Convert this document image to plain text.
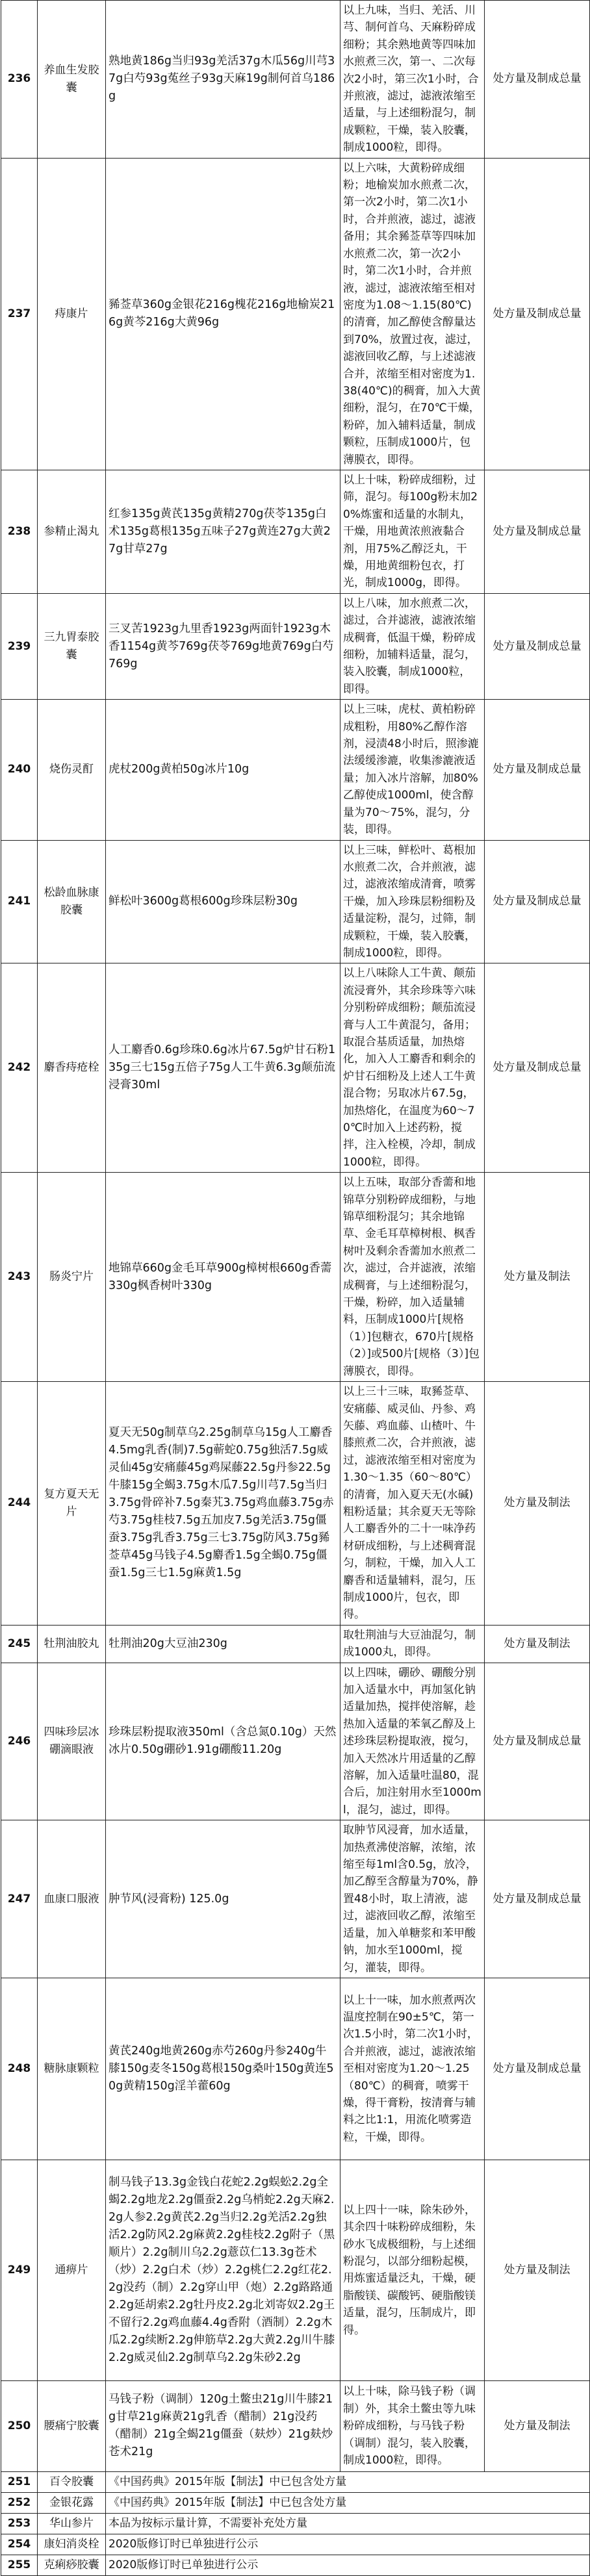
236	养血生发胶囊	熟地黄186g当归93g羌活37g木瓜56g川芎37g白芍93g菟丝子93g天麻19g制何首乌186g	以上九味，当归、羌活、川芎、制何首乌、天麻粉碎成细粉；其余熟地黄等四味加水煎煮三次，第一、二次每次2小时，第三次1小时，合并煎液，滤过，滤液浓缩至适量，与上述细粉混匀，制成颗粒，干燥，装入胶囊，制成1000粒，即得。	处方量及制成总量
237	痔康片	豨莶草360g金银花216g槐花216g地榆炭216g黄芩216g大黄96g	以上六味，大黄粉碎成细粉；地榆炭加水煎煮二次，第一次2小时，第二次1小时，合并煎液，滤过，滤液备用；其余豨莶草等四味加水煎煮二次，第一次2小时，第二次1小时，合并煎液，滤过，滤液浓缩至相对密度为1.08～1.15(80℃)的清膏，加乙醇使含醇量达到70%，放置过夜，滤过，滤液回收乙醇，与上述滤液合并，浓缩至相对密度为1.38(40℃)的稠膏，加入大黄细粉，混匀，在70℃干燥，粉碎，加入辅料适量，制成颗粒，压制成1000片，包薄膜衣，即得。	处方量及制成总量
238	参精止渴丸	红参135g黄芪135g黄精270g茯苓135g白术135g葛根135g五味子27g黄连27g大黄27g甘草27g	以上十味，粉碎成细粉，过筛，混匀。每100g粉末加20%炼蜜和适量的水制丸，干燥，用地黄浓煎液黏合剂，用75%乙醇泛丸，干燥，用地黄细粉包衣，打光，制成1000g，即得。	处方量及制成总量
239	三九胃泰胶囊	三叉苦1923g九里香1923g两面针1923g木香1154g黄芩769g茯苓769g地黄769g白芍769g	以上八味，加水煎煮二次，滤过，合并滤液，滤液浓缩成稠膏，低温干燥，粉碎成细粉，加辅料适量，混匀，装入胶囊，制成1000粒，即得。	处方量及制成总量
240	烧伤灵酊	虎杖200g黄柏50g冰片10g	以上三味，虎杖、黄柏粉碎成粗粉，用80%乙醇作溶剂，浸渍48小时后，照渗漉法缓缓渗漉，收集渗漉液适量；加入冰片溶解，加80%乙醇使成1000ml，使含醇量为70～75%，混匀，分装，即得。	处方量及制成总量
241	松龄血脉康胶囊	鲜松叶3600g葛根600g珍珠层粉30g	以上三味，鲜松叶、葛根加水煎煮二次，合并煎液，滤过，滤液浓缩成清膏，喷雾干燥，加入珍珠层粉细粉及适量淀粉，混匀，过筛，制成颗粒，干燥，装入胶囊，制成1000粒，即得。	处方量及制成总量
242	麝香痔疮栓	人工麝香0.6g珍珠0.6g冰片67.5g炉甘石粉135g三七15g五倍子75g人工牛黄6.3g颠茄流浸膏30ml	以上八味除人工牛黄、颠茄流浸膏外，其余珍珠等六味分别粉碎成细粉；颠茄流浸膏与人工牛黄混匀，备用；取混合基质适量，加热熔化，加入人工麝香和剩余的炉甘石细粉及上述人工牛黄混合物；另取冰片67.5g，加热熔化，在温度为60～70℃时加入上述药粉，搅拌，注入栓模，冷却，制成1000粒，即得。	处方量及制成总量
243	肠炎宁片	地锦草660g金毛耳草900g樟树根660g香薷330g枫香树叶330g	以上五味，取部分香薷和地锦草分别粉碎成细粉，与地锦草细粉混匀；其余地锦草、金毛耳草樟树根、枫香树叶及剩余香薷加水煎煮二次，滤过，合并滤液，浓缩成稠膏，与上述细粉混匀，干燥，粉碎，加入适量辅料，压制成1000片[规格（1）]包糖衣，670片[规格（2）]或500片[规格（3）]包薄膜衣，即得。	处方量及制法
244	复方夏天无片	夏天无50g制草乌2.25g制草乌15g人工麝香4.5mg乳香(制)7.5g蕲蛇0.75g独活7.5g威灵仙45g安痛藤45g鸡屎藤22.5g丹参22.5g牛膝15g全蝎3.75g木瓜7.5g川芎7.5g当归3.75g骨碎补7.5g秦艽3.75g鸡血藤3.75g赤芍3.75g桂枝7.5g五加皮7.5g羌活3.75g僵蚕3.75g乳香3.75g三七3.75g防风3.75g豨莶草45g马钱子4.5g麝香1.5g全蝎0.75g僵蚕1.5g三七1.5g麻黄1.5g	以上三十三味，取豨莶草、安痛藤、威灵仙、丹参、鸡矢藤、鸡血藤、山楂叶、牛膝煎煮二次，合并煎液，滤过，滤液浓缩至相对密度为1.30～1.35（60～80℃）的清膏，加入夏天无(水碱)粗粉适量；其余夏天无等除人工麝香外的二十一味净药材研成细粉，与上述稠膏混匀，制粒，干燥，加入人工麝香和适量辅料，混匀，压制成1000片，包衣，即得。	处方量及制法
245	牡荆油胶丸	牡荆油20g大豆油230g	取牡荆油与大豆油混匀，制成1000丸，即得。	处方量及制法
246	四味珍层冰硼滴眼液	珍珠层粉提取液350ml（含总氮0.10g）天然冰片0.50g硼砂1.91g硼酸11.20g	以上四味，硼砂、硼酸分别加入适量水中，再加氢化钠适量加热，搅拌使溶解，趁热加入适量的苯氧乙醇及上述珍珠层粉提取液，搅匀，加入天然冰片用适量的乙醇溶解，加入适量吐温80，混合后，加注射用水至1000ml，混匀，滤过，即得。	处方量及制成总量
247	血康口服液	肿节风(浸膏粉) 125.0g	取肿节风浸膏，加水适量，加热煮沸使溶解，浓缩，浓缩至每1ml含0.5g，放冷，加乙醇至含醇量为70%，静置48小时，取上清液，滤过，滤液回收乙醇，浓缩至适量，加入单糖浆和苯甲酸钠，加水至1000ml，搅匀，灌装，即得。	处方量及制成总量
248	糖脉康颗粒	黄芪240g地黄260g赤芍260g丹参240g牛膝150g麦冬150g葛根150g桑叶150g黄连50g黄精150g淫羊藿60g	以上十一味，加水煎煮两次温度控制在90±5℃，第一次1.5小时，第二次1小时，合并煎液，滤过，滤液浓缩至相对密度为1.20～1.25（80℃）的稠膏，喷雾干燥，得干膏粉，按清膏与辅料之比1:1，用流化喷雾造粒，干燥，即得。	处方量及制成总量
249	通痹片	制马钱子13.3g金钱白花蛇2.2g蜈蚣2.2g全蝎2.2g地龙2.2g僵蚕2.2g乌梢蛇2.2g天麻2.2g人参2.2g黄芪2.2g当归2.2g羌活2.2g独活2.2g防风2.2g麻黄2.2g桂枝2.2g附子（黑顺片）2.2g制川乌2.2g薏苡仁13.3g苍术（炒）2.2g白术（炒）2.2g桃仁2.2g红花2.2g没药（制）2.2g穿山甲（炮）2.2g路路通2.2g延胡索2.2g牡丹皮2.2g北刘寄奴2.2g王不留行2.2g鸡血藤4.4g香附（酒制）2.2g木瓜2.2g续断2.2g伸筋草2.2g大黄2.2g川牛膝2.2g威灵仙2.2g制草乌2.2g朱砂2.2g	以上四十一味，除朱砂外，其余四十味粉碎成细粉，朱砂水飞成极细粉，与上述细粉混匀，以部分细粉起模，用炼蜜适量泛丸，干燥，硬脂酸镁、碳酸钙、硬脂酸镁适量，混匀，压制成片，即得。	处方量及制法
250	腰痛宁胶囊	马钱子粉（调制）120g土鳖虫21g川牛膝21g甘草21g麻黄21g乳香（醋制）21g没药（醋制）21g全蝎21g僵蚕（麸炒）21g麸炒苍术21g	以上十味，除马钱子粉（调制）外，其余土鳖虫等九味粉碎成细粉，与马钱子粉（调制）混匀，装入胶囊，制成1000粒，即得。	处方量及制法
251	百令胶囊	《中国药典》2015年版【制法】中已包含处方量		
252	金银花露	《中国药典》2015年版【制法】中已包含处方量		
253	华山参片	本品为按标示量计算，不需要补充处方量		
254	康妇消炎栓	2020版修订时已单独进行公示		
255	克痢痧胶囊	2020版修订时已单独进行公示		
